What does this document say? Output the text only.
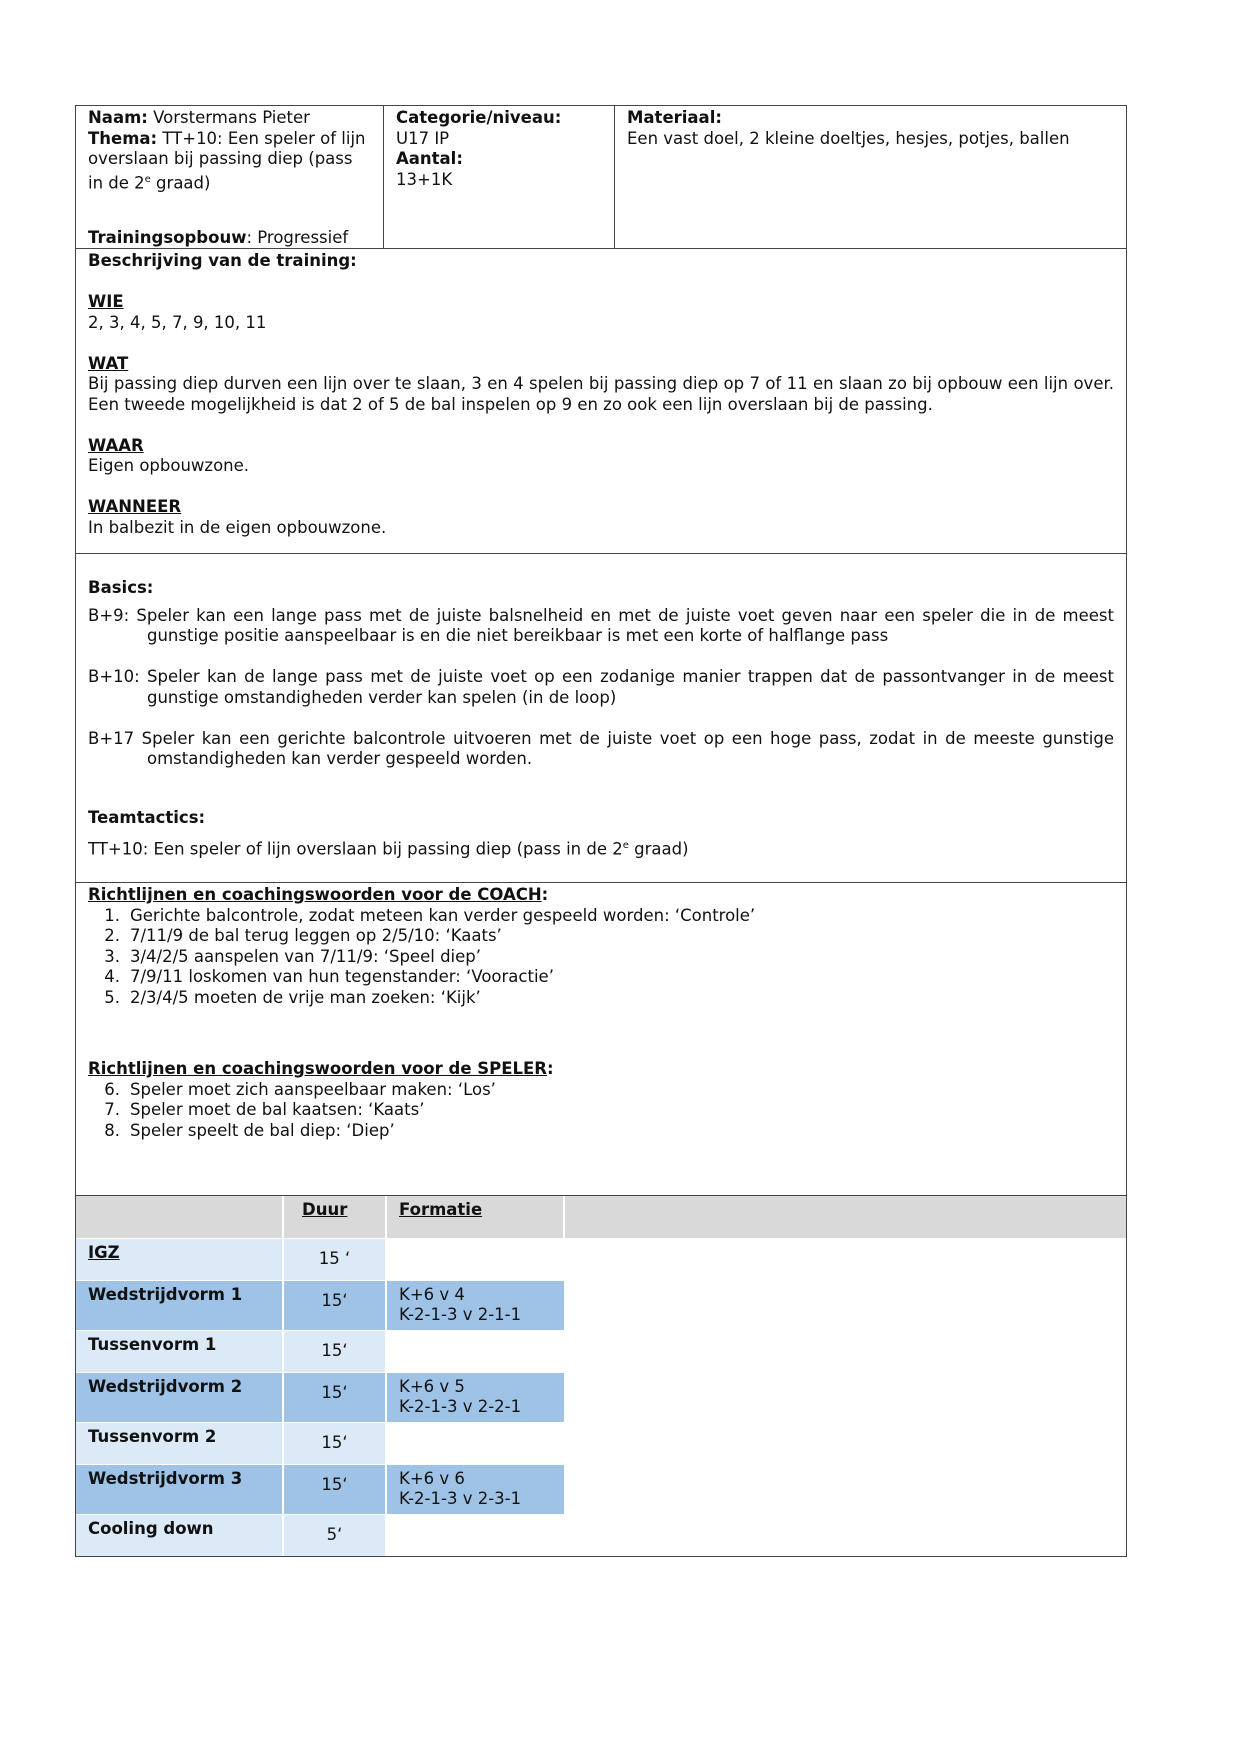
Naam: Vorstermans Pieter
Thema: TT+10: Een speler of lijn overslaan bij passing diep (pass in de 2e graad)
Trainingsopbouw: Progressief
Categorie/niveau:
U17 IP
Aantal:
13+1K
Materiaal:
Een vast doel, 2 kleine doeltjes, hesjes, potjes, ballen
Beschrijving van de training:
WIE
2, 3, 4, 5, 7, 9, 10, 11
WAT
Bij passing diep durven een lijn over te slaan, 3 en 4 spelen bij passing diep op 7 of 11 en slaan zo bij opbouw een lijn over. Een tweede mogelijkheid is dat 2 of 5 de bal inspelen op 9 en zo ook een lijn overslaan bij de passing.
WAAR
Eigen opbouwzone.
WANNEER
In balbezit in de eigen opbouwzone.
Basics:

B+9: Speler kan een lange pass met de juiste balsnelheid en met de juiste voet geven naar een speler die in de meest gunstige positie aanspeelbaar is en die niet bereikbaar is met een korte of halflange pass

B+10: Speler kan de lange pass met de juiste voet op een zodanige manier trappen dat de passontvanger in de meest gunstige omstandigheden verder kan spelen (in de loop)

B+17 Speler kan een gerichte balcontrole uitvoeren met de juiste voet op een hoge pass, zodat in de meeste gunstige omstandigheden kan verder gespeeld worden.

Teamtactics:
TT+10: Een speler of lijn overslaan bij passing diep (pass in de 2e graad)
Richtlijnen en coachingswoorden voor de COACH:
1. Gerichte balcontrole, zodat meteen kan verder gespeeld worden: ‘Controle’
2. 7/11/9 de bal terug leggen op 2/5/10: ‘Kaats’
3. 3/4/2/5 aanspelen van 7/11/9: ‘Speel diep’
4. 7/9/11 loskomen van hun tegenstander: ‘Vooractie’
5. 2/3/4/5 moeten de vrije man zoeken: ‘Kijk’
Richtlijnen en coachingswoorden voor de SPELER:
6. Speler moet zich aanspeelbaar maken: ‘Los’
7. Speler moet de bal kaatsen: ‘Kaats’
8. Speler speelt de bal diep: ‘Diep’
	Duur	Formatie	
IGZ	15 ‘	

Wedstrijdvorm 1	15‘	K+6 v 4
K-2-1-3 v 2-1-1	

Tussenvorm 1	15‘	

Wedstrijdvorm 2	15‘	K+6 v 5
K-2-1-3 v 2-2-1	

Tussenvorm 2	15‘	

Wedstrijdvorm 3	15‘	K+6 v 6
K-2-1-3 v 2-3-1	

Cooling down	5‘	
